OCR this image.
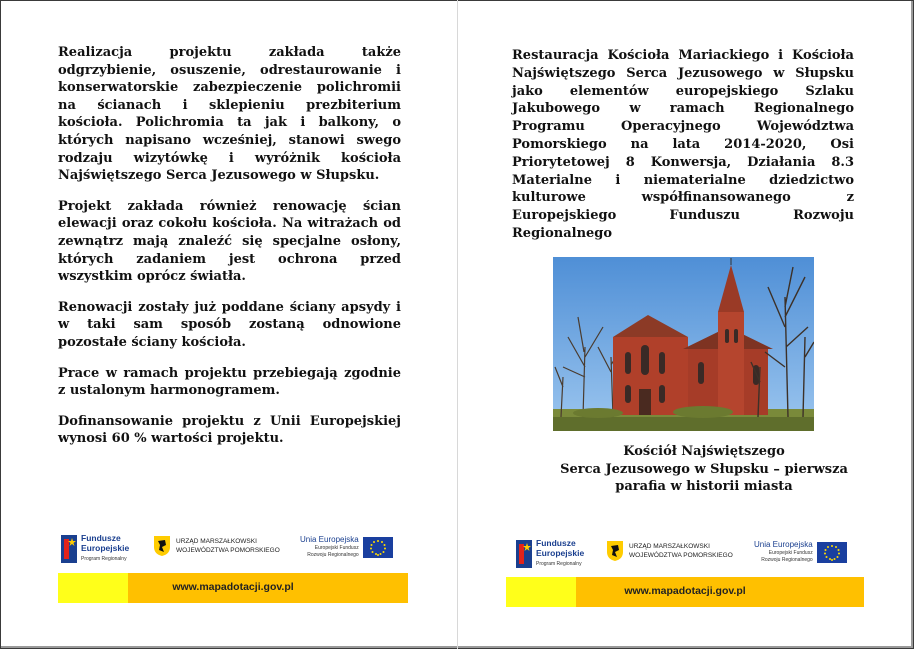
Realizacja projektu zakłada także odgrzybienie, osuszenie, odrestaurowanie i konserwatorskie zabezpieczenie polichromii na ścianach i sklepieniu prezbiterium kościoła. Polichromia ta jak i balkony, o których napisano wcześniej, stanowi swego rodzaju wizytówkę i wyróżnik kościoła Najświętszego Serca Jezusowego w Słupsku.

Projekt zakłada również renowację ścian elewacji oraz cokołu kościoła. Na witrażach od zewnątrz mają znaleźć się specjalne osłony, których zadaniem jest ochrona przed wszystkim oprócz światła.

Renowacji zostały już poddane ściany apsydy i w taki sam sposób zostaną odnowione pozostałe ściany kościoła.

Prace w ramach projektu przebiegają zgodnie z ustalonym harmonogramem.

Dofinansowanie projektu z Unii Europejskiej wynosi 60 % wartości projektu.

Restauracja Kościoła Mariackiego i Kościoła Najświętszego Serca Jezusowego w Słupsku jako elementów europejskiego Szlaku Jakubowego w ramach Regionalnego Programu Operacyjnego Województwa Pomorskiego na lata 2014-2020, Osi Priorytetowej 8 Konwersja, Działania 8.3 Materialne i niematerialne dziedzictwo kulturowe współfinansowanego z Europejskiego Funduszu Rozwoju Regionalnego
Kościół Najświętszego
Serca Jezusowego w Słupsku – pierwsza
parafia w historii miasta
Fundusze
Europejskie
Program Regionalny
URZĄD MARSZAŁKOWSKI
WOJEWÓDZTWA POMORSKIEGO
Unia Europejska
Europejski Fundusz
Rozwoju Regionalnego
www.mapadotacji.gov.pl
Fundusze
Europejskie
Program Regionalny
URZĄD MARSZAŁKOWSKI
WOJEWÓDZTWA POMORSKIEGO
Unia Europejska
Europejski Fundusz
Rozwoju Regionalnego
www.mapadotacji.gov.pl
